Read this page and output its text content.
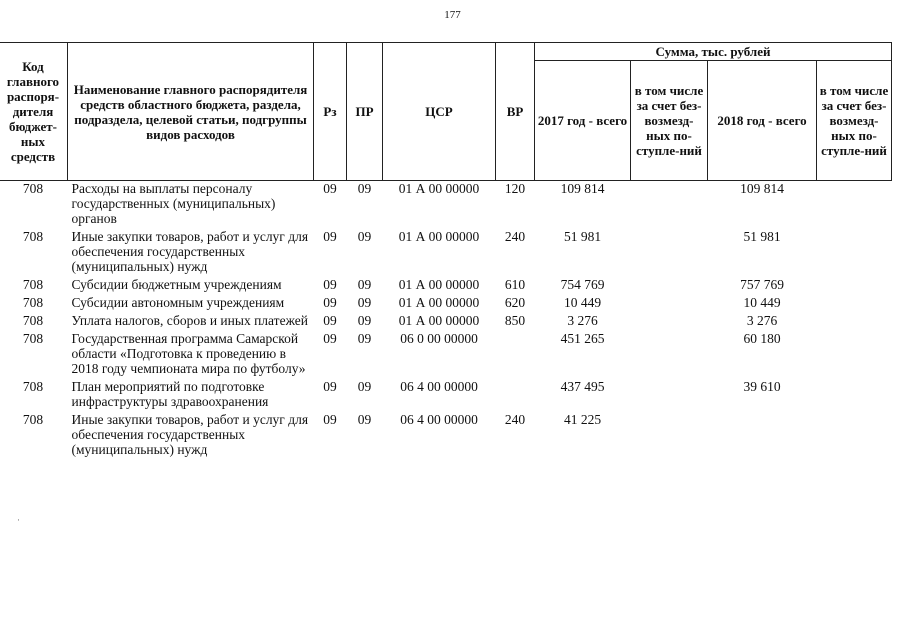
177
Код главного распоря-дителя бюджет-ных средств	Наименование главного распорядителя средств областного бюджета, раздела, подраздела, целевой статьи, подгруппы видов расходов	Рз	ПР	ЦСР	ВР	Сумма, тыс. рублей			
						2017 год - всего	в том числе за счет без-возмезд-ных по-ступле-ний	2018 год - всего	в том числе за счет без-возмезд-ных по-ступле-ний
708	Расходы на выплаты персоналу государственных (муниципальных) органов	09	09	01 А 00 00000	120	109 814		109 814	

708	Иные закупки товаров, работ и услуг для обеспечения государственных (муниципальных) нужд	09	09	01 А 00 00000	240	51 981		51 981	

708	Субсидии бюджетным учреждениям	09	09	01 А 00 00000	610	754 769		757 769	

708	Субсидии автономным учреждениям	09	09	01 А 00 00000	620	10 449		10 449	

708	Уплата налогов, сборов и иных платежей	09	09	01 А 00 00000	850	3 276		3 276	

708	Государственная программа Самарской области «Подготовка к проведению в 2018 году чемпионата мира по футболу»	09	09	06 0 00 00000		451 265		60 180	

708	План мероприятий по подготовке инфраструктуры здравоохранения	09	09	06 4 00 00000		437 495		39 610	

708	Иные закупки товаров, работ и услуг для обеспечения государственных (муниципальных) нужд	09	09	06 4 00 00000	240	41 225			

·
